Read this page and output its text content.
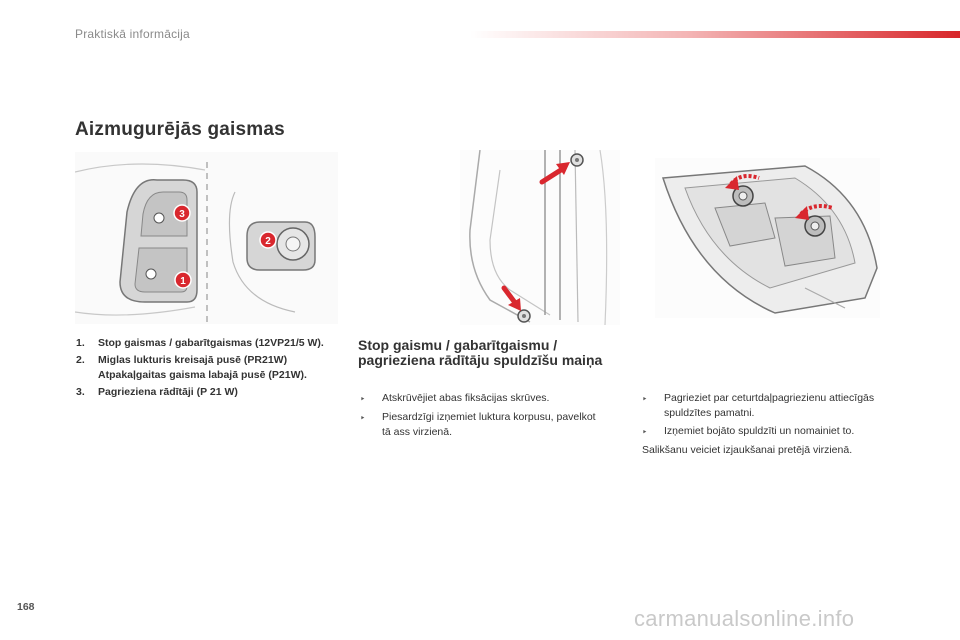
Praktiskā informācija
Aizmugurējās gaismas
3
1
2
1.	Stop gaismas / gabarītgaismas (12VP21/5 W).
2.	Miglas lukturis kreisajā pusē (PR21W) Atpakaļgaitas gaisma labajā pusē (P21W).
3.	Pagrieziena rādītāji (P 21 W)
Stop gaismu / gabarītgaismu / pagrieziena rādītāju spuldzīšu maiņa
‣	Atskrūvējiet abas fiksācijas skrūves.
‣	Piesardzīgi izņemiet luktura korpusu, pavelkot tā ass virzienā.
‣	Pagrieziet par ceturtdaļpagriezienu attiecīgās spuldzītes pamatni.
‣	Izņemiet bojāto spuldzīti un nomainiet to.
Salikšanu veiciet izjaukšanai pretējā virzienā.
168	carmanualsonline.info
